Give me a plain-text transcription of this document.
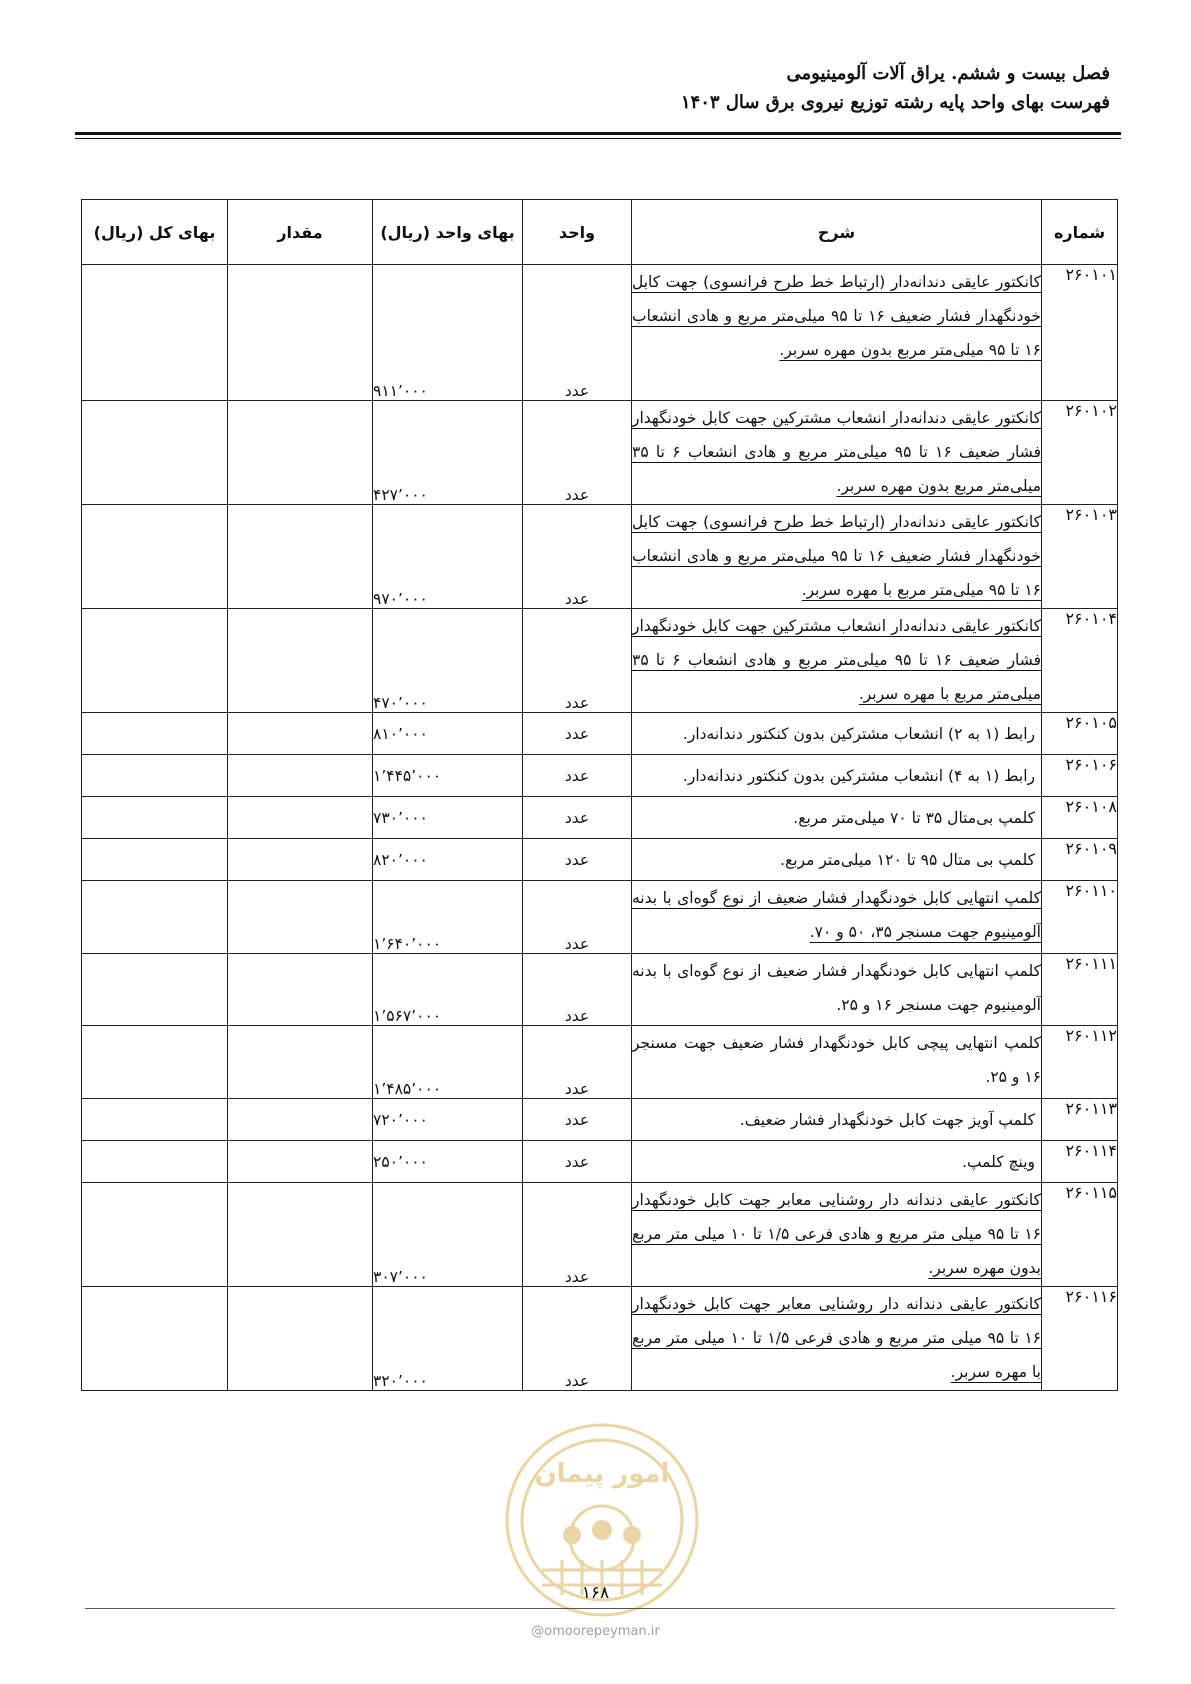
فصل بیست و ششم. یراق آلات آلومینیومی
فهرست بهای واحد پایه رشته توزیع نیروی برق سال ۱۴۰۳
شماره	شرح	واحد	بهای واحد (ریال)	مقدار	بهای کل (ریال)
۲۶۰۱۰۱	کانکتور عایقی دندانه‌دار (ارتباط خط طرح فرانسوی) جهت کابل خودنگهدار فشار ضعیف ۱۶ تا ۹۵ میلی‌متر مربع و هادی انشعاب ۱۶ تا ۹۵ میلی‌متر مربع بدون مهره سربر.	عدد	۹۱۱٬۰۰۰		
۲۶۰۱۰۲	کانکتور عایقی دندانه‌دار انشعاب مشترکین جهت کابل خودنگهدار فشار ضعیف ۱۶ تا ۹۵ میلی‌متر مربع و هادی انشعاب ۶ تا ۳۵ میلی‌متر مربع بدون مهره سربر.	عدد	۴۲۷٬۰۰۰		
۲۶۰۱۰۳	کانکتور عایقی دندانه‌دار (ارتباط خط طرح فرانسوی) جهت کابل خودنگهدار فشار ضعیف ۱۶ تا ۹۵ میلی‌متر مربع و هادی انشعاب ۱۶ تا ۹۵ میلی‌متر مربع با مهره سربر.	عدد	۹۷۰٬۰۰۰		
۲۶۰۱۰۴	کانکتور عایقی دندانه‌دار انشعاب مشترکین جهت کابل خودنگهدار فشار ضعیف ۱۶ تا ۹۵ میلی‌متر مربع و هادی انشعاب ۶ تا ۳۵ میلی‌متر مربع با مهره سربر.	عدد	۴۷۰٬۰۰۰		
۲۶۰۱۰۵	رابط (۱ به ۲) انشعاب مشترکین بدون کنکتور دندانه‌دار.	عدد	۸۱۰٬۰۰۰		
۲۶۰۱۰۶	رابط (۱ به ۴) انشعاب مشترکین بدون کنکتور دندانه‌دار.	عدد	۱٬۴۴۵٬۰۰۰		
۲۶۰۱۰۸	کلمپ بی‌متال ۳۵ تا ۷۰ میلی‌متر مربع.	عدد	۷۳۰٬۰۰۰		
۲۶۰۱۰۹	کلمپ بی متال ۹۵ تا ۱۲۰ میلی‌متر مربع.	عدد	۸۲۰٬۰۰۰		
۲۶۰۱۱۰	کلمپ انتهایی کابل خودنگهدار فشار ضعیف از نوع گوه‌ای با بدنه آلومینیوم جهت مسنجر ۳۵، ۵۰ و ۷۰.	عدد	۱٬۶۴۰٬۰۰۰		
۲۶۰۱۱۱	کلمپ انتهایی کابل خودنگهدار فشار ضعیف از نوع گوه‌ای با بدنه آلومینیوم جهت مسنجر ۱۶ و ۲۵.	عدد	۱٬۵۶۷٬۰۰۰		
۲۶۰۱۱۲	کلمپ انتهایی پیچی کابل خودنگهدار فشار ضعیف جهت مسنجر ۱۶ و ۲۵.	عدد	۱٬۴۸۵٬۰۰۰		
۲۶۰۱۱۳	کلمپ آویز جهت کابل خودنگهدار فشار ضعیف.	عدد	۷۲۰٬۰۰۰		
۲۶۰۱۱۴	وینچ کلمپ.	عدد	۲۵۰٬۰۰۰		
۲۶۰۱۱۵	کانکتور عایقی دندانه دار روشنایی معابر جهت کابل خودنگهدار ۱۶ تا ۹۵ میلی متر مربع و هادی فرعی ۱/۵ تا ۱۰ میلی متر مربع بدون مهره سربر.	عدد	۳۰۷٬۰۰۰		
۲۶۰۱۱۶	کانکتور عایقی دندانه دار روشنایی معابر جهت کابل خودنگهدار ۱۶ تا ۹۵ میلی متر مربع و هادی فرعی ۱/۵ تا ۱۰ میلی متر مربع با مهره سربر.	عدد	۳۲۰٬۰۰۰		
امور پیمان
۱۶۸
@omoorepeyman.ir
